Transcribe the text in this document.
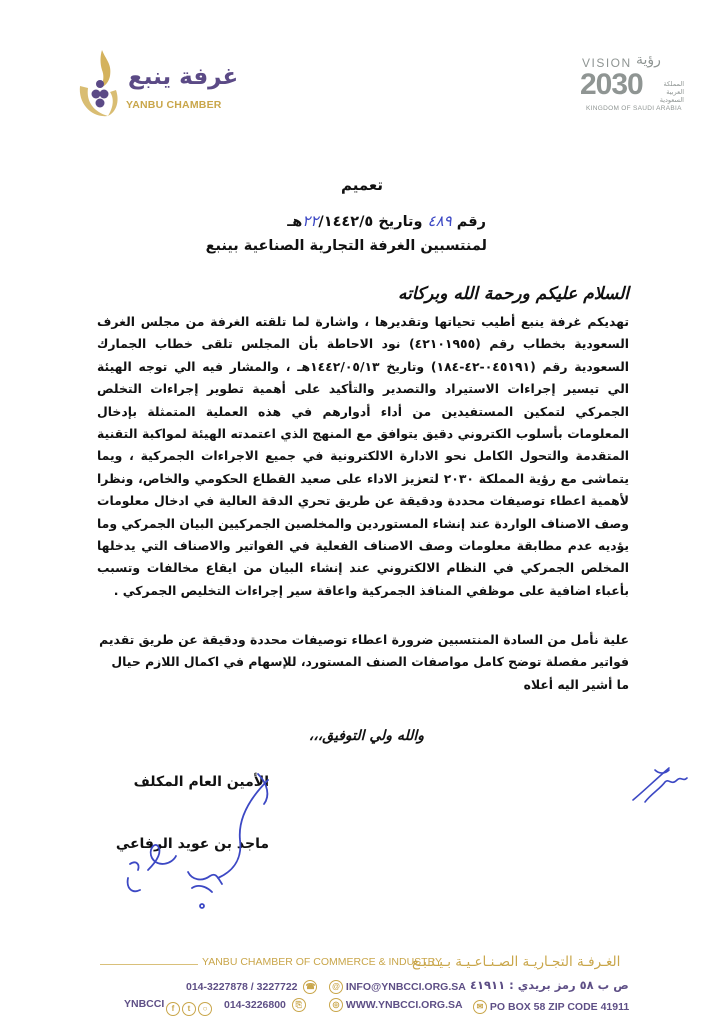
غرفة ينبع
YANBU CHAMBER
VISION رؤية
2030	المملكة العربية السعودية
KINGDOM OF SAUDI ARABIA
تعميم
رقم ٤٨٩ وتاريخ ٢٢/١٤٤٢/٥هـ
لمنتسبين الغرفة التجارية الصناعية بينبع
السلام عليكم ورحمة الله وبركاته

تهديكم غرفة ينبع أطيب تحياتها وتقديرها ، واشارة لما تلقته الغرفة من مجلس الغرف السعودية بخطاب رقم (٤٢١٠١٩٥٥) نود الاحاطة بأن المجلس تلقى خطاب الجمارك السعودية رقم (٠٤٥١٩١-٤٢-١٨٤) وتاريخ ١٤٤٢/٠٥/١٣هـ ، والمشار فيه الي توجه الهيئة الي تيسير إجراءات الاستيراد والتصدير والتأكيد على أهمية تطوير إجراءات التخلص الجمركي لتمكين المستفيدين من أداء أدوارهم في هذه العملية المتمثلة بإدخال المعلومات بأسلوب الكتروني دقيق يتوافق مع المنهج الذي اعتمدته الهيئة لمواكبة التقنية المتقدمة والتحول الكامل نحو الادارة الالكترونية في جميع الاجراءات الجمركية ، ويما يتماشى مع رؤية المملكة ٢٠٣٠ لتعزيز الاداء على صعيد القطاع الحكومي والخاص، ونظرا لأهمية اعطاء توصيفات محددة ودقيقة عن طريق تحري الدقة العالية في ادخال معلومات وصف الاصناف الواردة عند إنشاء المستوردين والمخلصين الجمركيين البيان الجمركي وما يؤديه عدم مطابقة معلومات وصف الاصناف الفعلية في الفواتير والاصناف التي يدخلها المخلص الجمركي في النظام الالكتروني عند إنشاء البيان من ايقاع مخالفات وتسبب بأعباء اضافية على موظفي المنافذ الجمركية واعاقة سير إجراءات التخليص الجمركي .

علية نأمل من السادة المنتسبين ضرورة اعطاء توصيفات محددة ودقيقة عن طريق تقديم فواتير مفصلة توضح كامل مواصفات الصنف المستورد، للإسهام في اكمال اللازم حيال ما أشير اليه أعلاه

والله ولي التوفيق،،،
الأمين العام المكلف
ماجد بن عويد الرفاعي
YANBU CHAMBER OF COMMERCE & INDUSTRY
الغـرفـة التجـاريـة الصـنـاعـيـة بـيـنـبـع
014-3227878 / 3227722 ☎	@ INFO@YNBCCI.ORG.SA ص ب ٥٨ رمز بريدي : ٤١٩١١
YNBCCI f t ○	014-3226800 ⎘	◎ WWW.YNBCCI.ORG.SA	✉ PO BOX 58 ZIP CODE 41911
